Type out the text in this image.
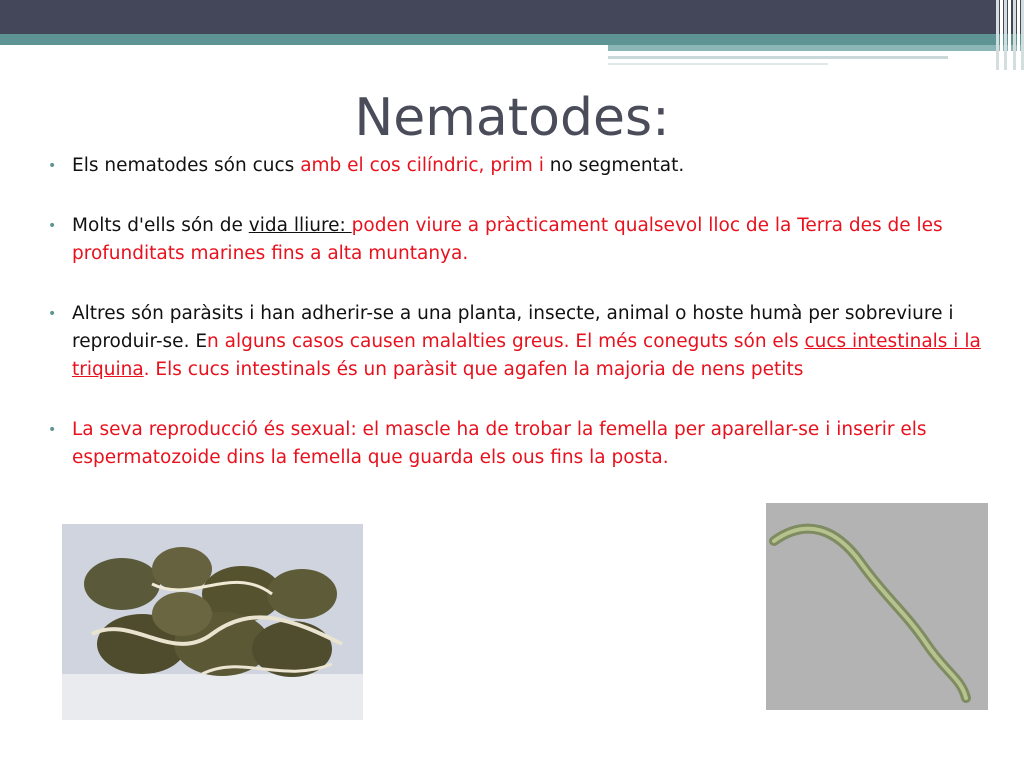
Nematodes:
• Els nematodes són cucs amb el cos cilíndric, prim i no segmentat.
• Molts d'ells són de vida lliure: poden viure a pràcticament qualsevol lloc de la Terra des de les profunditats marines fins a alta muntanya.
• Altres són paràsits i han adherir-se a una planta, insecte, animal o hoste humà per sobreviure i reproduir-se. En alguns casos causen malalties greus. El més coneguts són els cucs intestinals i la triquina. Els cucs intestinals és un paràsit que agafen la majoria de nens petits
• La seva reproducció és sexual: el mascle ha de trobar la femella per aparellar-se i inserir els espermatozoide dins la femella que guarda els ous fins la posta.
